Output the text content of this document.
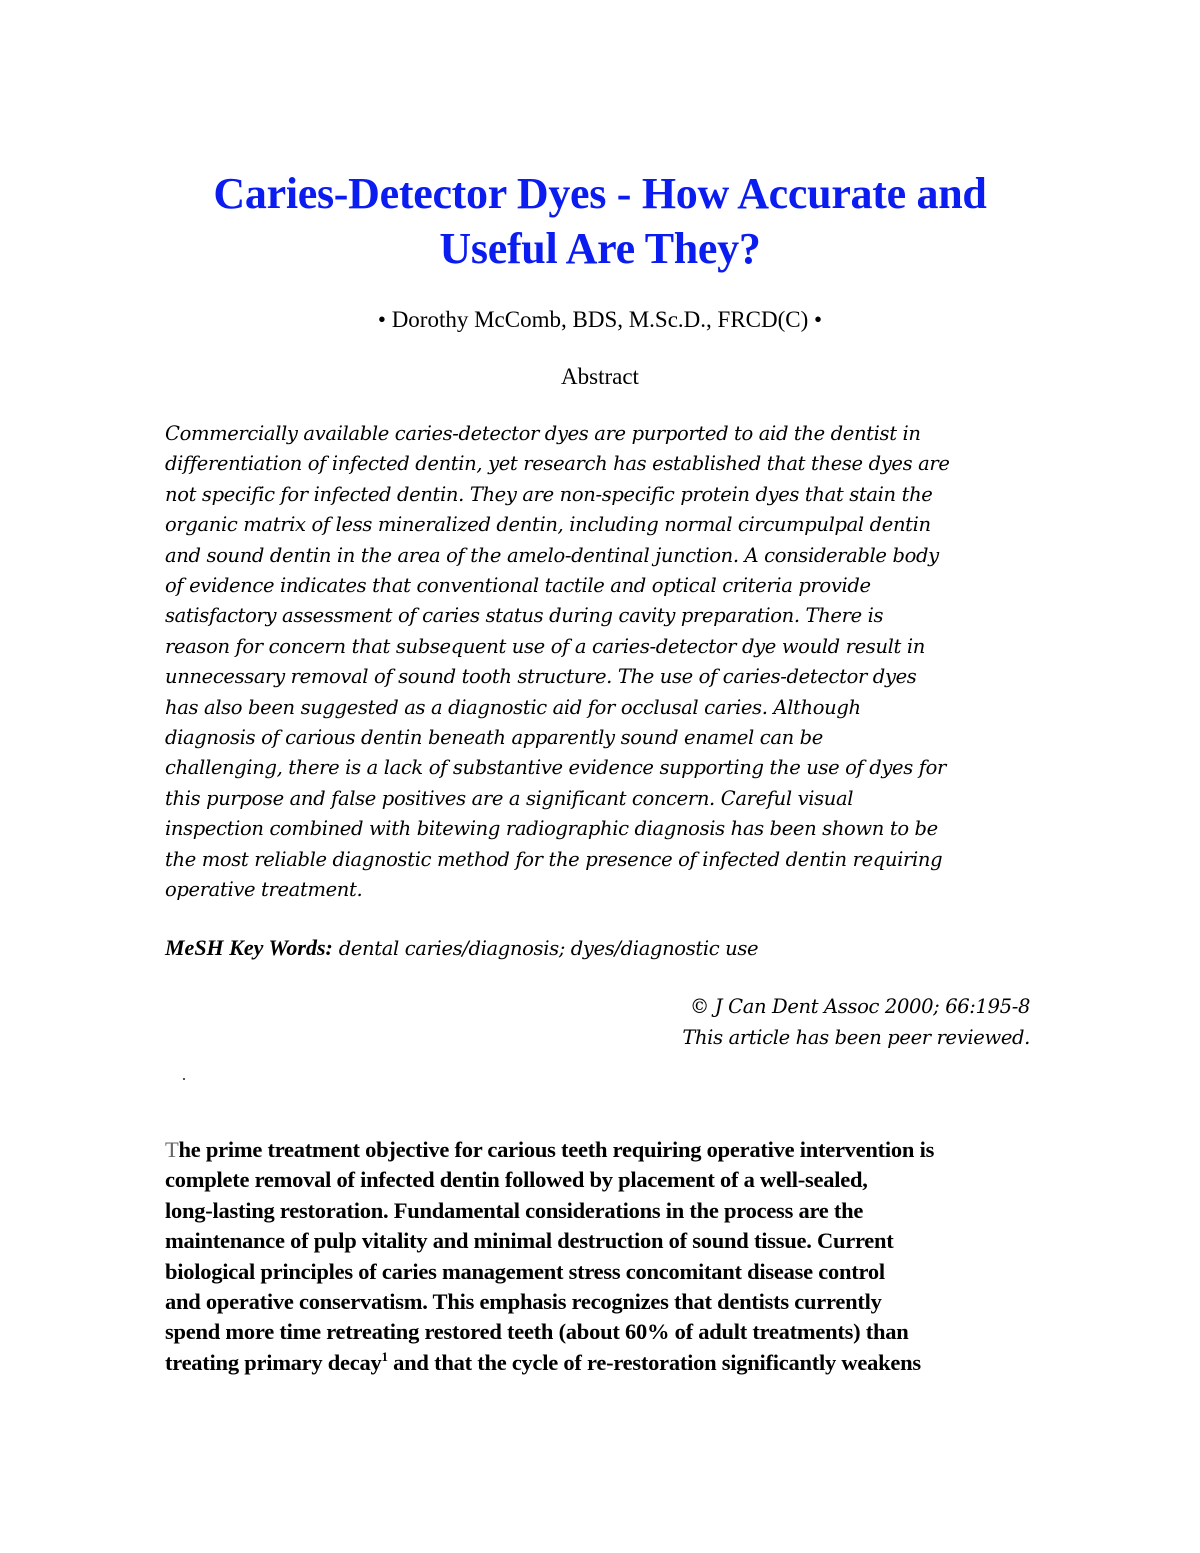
Caries-Detector Dyes - How Accurate and
Useful Are They?
• Dorothy McComb, BDS, M.Sc.D., FRCD(C) •
Abstract

Commercially available caries-detector dyes are purported to aid the dentist in
differentiation of infected dentin, yet research has established that these dyes are
not specific for infected dentin. They are non-specific protein dyes that stain the
organic matrix of less mineralized dentin, including normal circumpulpal dentin
and sound dentin in the area of the amelo-dentinal junction. A considerable body
of evidence indicates that conventional tactile and optical criteria provide
satisfactory assessment of caries status during cavity preparation. There is
reason for concern that subsequent use of a caries-detector dye would result in
unnecessary removal of sound tooth structure. The use of caries-detector dyes
has also been suggested as a diagnostic aid for occlusal caries. Although
diagnosis of carious dentin beneath apparently sound enamel can be
challenging, there is a lack of substantive evidence supporting the use of dyes for
this purpose and false positives are a significant concern. Careful visual
inspection combined with bitewing radiographic diagnosis has been shown to be
the most reliable diagnostic method for the presence of infected dentin requiring
operative treatment.

MeSH Key Words: dental caries/diagnosis; dyes/diagnostic use

© J Can Dent Assoc 2000; 66:195-8
This article has been peer reviewed.

The prime treatment objective for carious teeth requiring operative intervention is
complete removal of infected dentin followed by placement of a well-sealed,
long-lasting restoration. Fundamental considerations in the process are the
maintenance of pulp vitality and minimal destruction of sound tissue. Current
biological principles of caries management stress concomitant disease control
and operative conservatism. This emphasis recognizes that dentists currently
spend more time retreating restored teeth (about 60% of adult treatments) than
treating primary decay$^1$ and that the cycle of re-restoration significantly weakens
